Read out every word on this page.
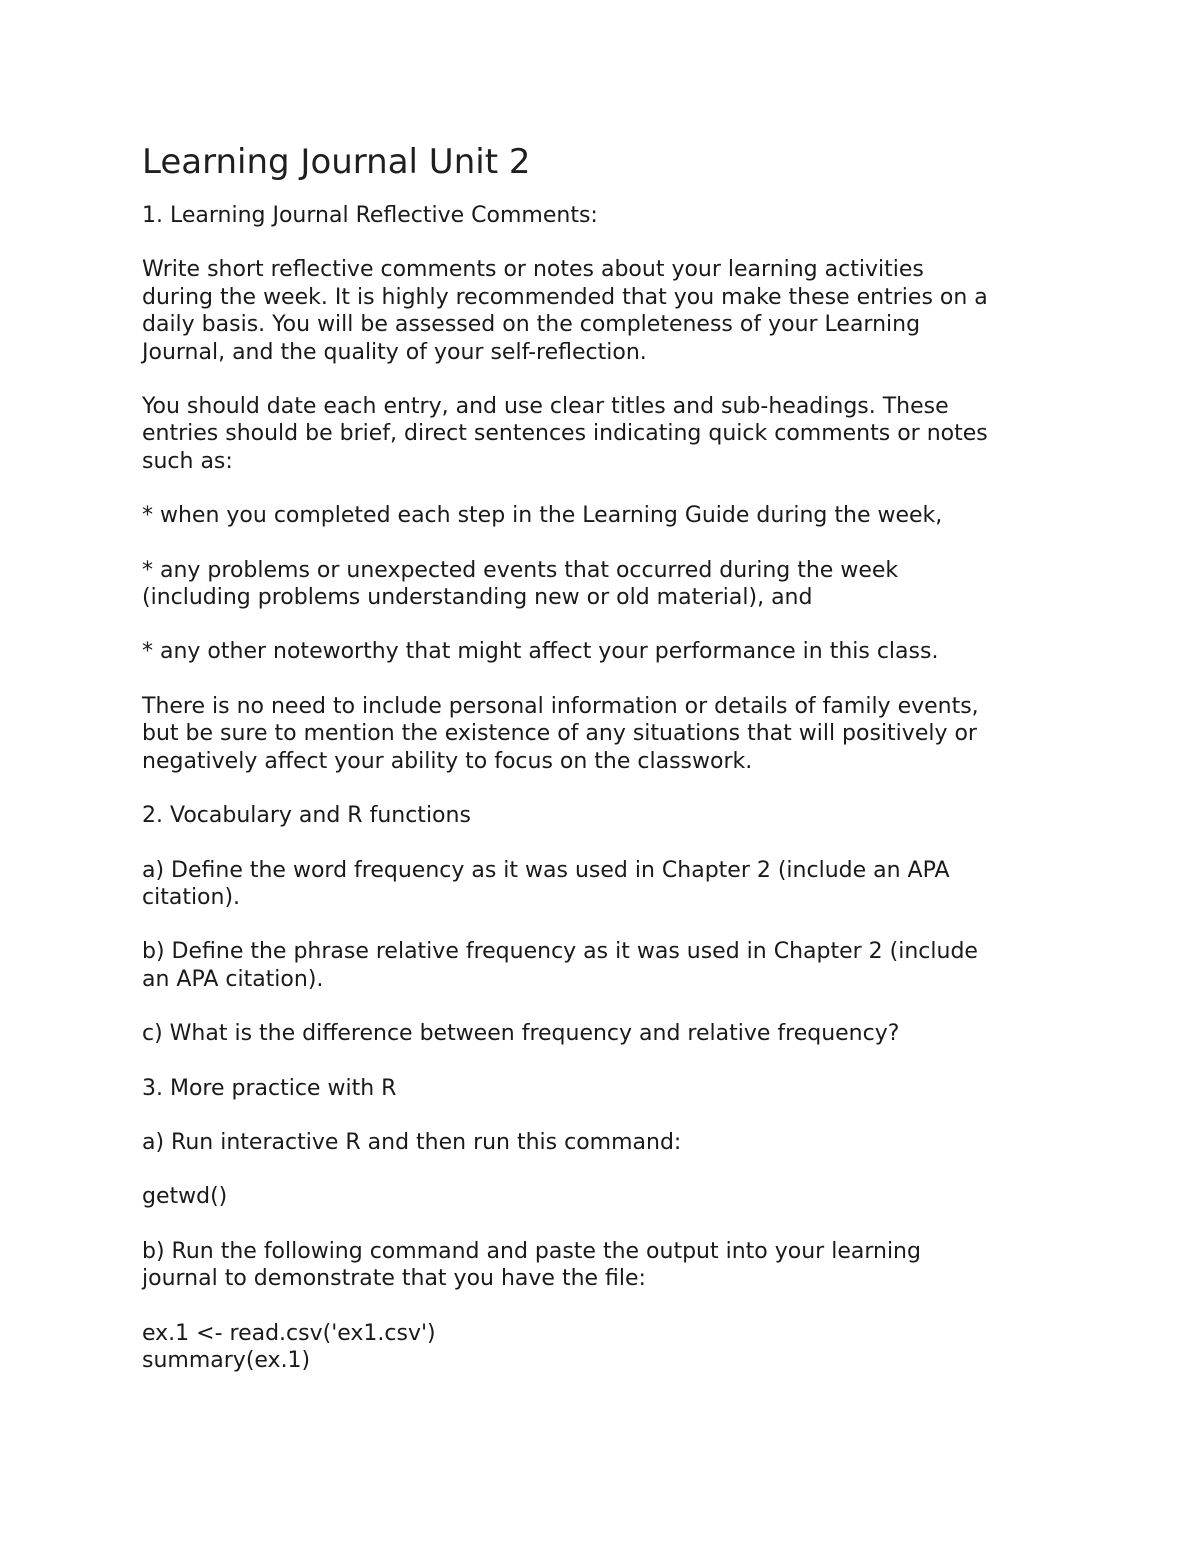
Learning Journal Unit 2

1. Learning Journal Reflective Comments:

Write short reflective comments or notes about your learning activities
during the week. It is highly recommended that you make these entries on a
daily basis. You will be assessed on the completeness of your Learning
Journal, and the quality of your self-reflection.

You should date each entry, and use clear titles and sub-headings. These
entries should be brief, direct sentences indicating quick comments or notes
such as:

* when you completed each step in the Learning Guide during the week,

* any problems or unexpected events that occurred during the week
(including problems understanding new or old material), and

* any other noteworthy that might affect your performance in this class.

There is no need to include personal information or details of family events,
but be sure to mention the existence of any situations that will positively or
negatively affect your ability to focus on the classwork.

2. Vocabulary and R functions

a) Define the word frequency as it was used in Chapter 2 (include an APA
citation).

b) Define the phrase relative frequency as it was used in Chapter 2 (include
an APA citation).

c) What is the difference between frequency and relative frequency?

3. More practice with R

a) Run interactive R and then run this command:

getwd()

b) Run the following command and paste the output into your learning
journal to demonstrate that you have the file:

ex.1 <- read.csv('ex1.csv')
summary(ex.1)
